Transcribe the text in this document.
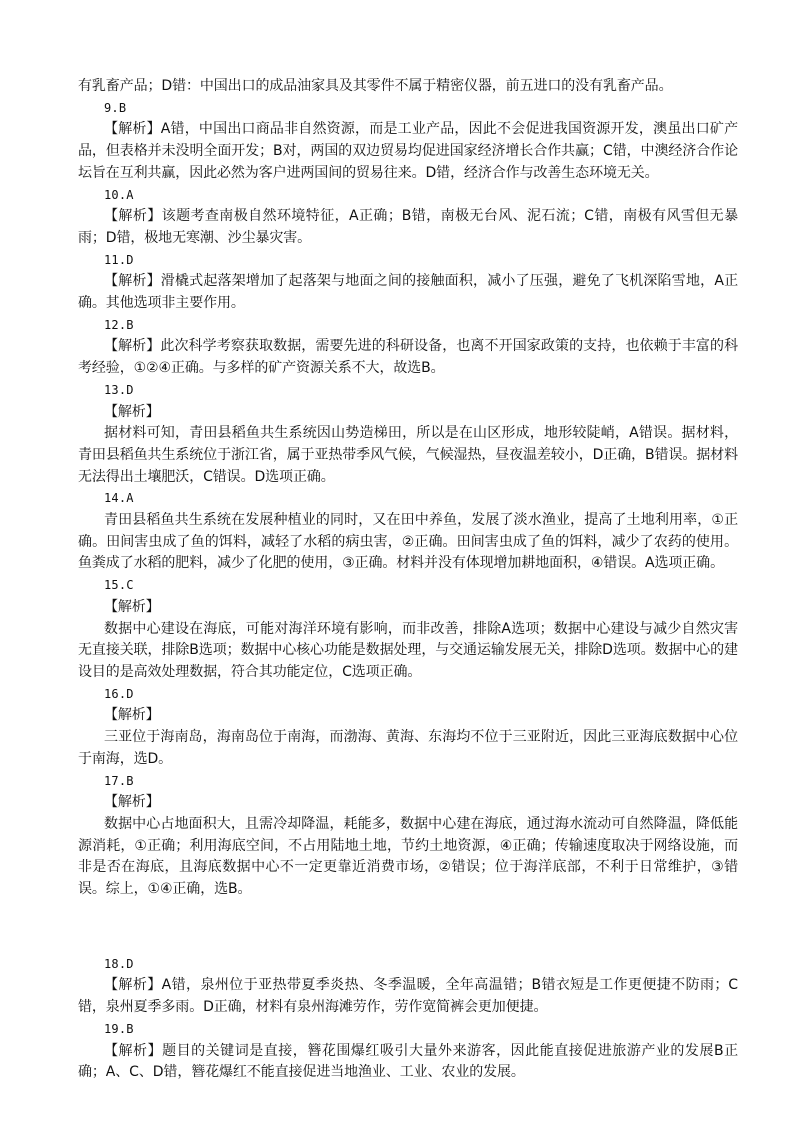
有乳畜产品；D错：中国出口的成品油家具及其零件不属于精密仪器，前五进口的没有乳畜产品。

9.B

【解析】A错，中国出口商品非自然资源，而是工业产品，因此不会促进我国资源开发，澳虽出口矿产品，但表格并未没明全面开发；B对，两国的双边贸易均促进国家经济增长合作共赢；C错，中澳经济合作论坛旨在互利共赢，因此必然为客户进两国间的贸易往来。D错，经济合作与改善生态环境无关。

10.A

【解析】该题考查南极自然环境特征，A正确；B错，南极无台风、泥石流；C错，南极有风雪但无暴雨；D错，极地无寒潮、沙尘暴灾害。

11.D

【解析】滑橇式起落架增加了起落架与地面之间的接触面积，减小了压强，避免了飞机深陷雪地，A正确。其他选项非主要作用。

12.B

【解析】此次科学考察获取数据，需要先进的科研设备，也离不开国家政策的支持，也依赖于丰富的科考经验，①②④正确。与多样的矿产资源关系不大，故选B。

13.D

【解析】

据材料可知，青田县稻鱼共生系统因山势造梯田，所以是在山区形成，地形较陡峭，A错误。据材料，青田县稻鱼共生系统位于浙江省，属于亚热带季风气候，气候湿热，昼夜温差较小，D正确，B错误。据材料无法得出土壤肥沃，C错误。D选项正确。

14.A

青田县稻鱼共生系统在发展种植业的同时，又在田中养鱼，发展了淡水渔业，提高了土地利用率，①正确。田间害虫成了鱼的饵料，减轻了水稻的病虫害，②正确。田间害虫成了鱼的饵料，减少了农药的使用。鱼粪成了水稻的肥料，减少了化肥的使用，③正确。材料并没有体现增加耕地面积，④错误。A选项正确。

15.C

【解析】

数据中心建设在海底，可能对海洋环境有影响，而非改善，排除A选项；数据中心建设与减少自然灾害无直接关联，排除B选项；数据中心核心功能是数据处理，与交通运输发展无关，排除D选项。数据中心的建设目的是高效处理数据，符合其功能定位，C选项正确。

16.D

【解析】

三亚位于海南岛，海南岛位于南海，而渤海、黄海、东海均不位于三亚附近，因此三亚海底数据中心位于南海，选D。

17.B

【解析】

数据中心占地面积大，且需冷却降温，耗能多，数据中心建在海底，通过海水流动可自然降温，降低能源消耗，①正确；利用海底空间，不占用陆地土地，节约土地资源，④正确；传输速度取决于网络设施，而非是否在海底，且海底数据中心不一定更靠近消费市场，②错误；位于海洋底部，不利于日常维护，③错误。综上，①④正确，选B。

18.D

【解析】A错，泉州位于亚热带夏季炎热、冬季温暖，全年高温错；B错衣短是工作更便捷不防雨；C错，泉州夏季多雨。D正确，材料有泉州海滩劳作，劳作宽简裤会更加便捷。

19.B

【解析】题目的关键词是直接，簪花围爆红吸引大量外来游客，因此能直接促进旅游产业的发展B正确；A、C、D错，簪花爆红不能直接促进当地渔业、工业、农业的发展。
